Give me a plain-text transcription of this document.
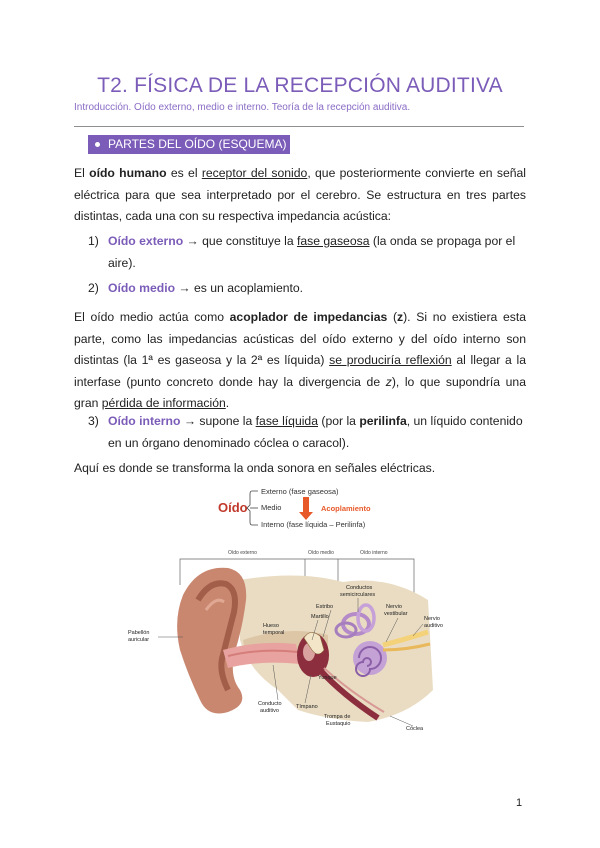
T2. FÍSICA DE LA RECEPCIÓN AUDITIVA
Introducción. Oído externo, medio e interno. Teoría de la recepción auditiva.
PARTES DEL OÍDO (ESQUEMA)
El oído humano es el receptor del sonido, que posteriormente convierte en señal eléctrica para que sea interpretado por el cerebro. Se estructura en tres partes distintas, cada una con su respectiva impedancia acústica:
1) Oído externo → que constituye la fase gaseosa (la onda se propaga por el
aire).
2) Oído medio → es un acoplamiento.
El oído medio actúa como acoplador de impedancias (z). Si no existiera esta parte, como las impedancias acústicas del oído externo y del oído interno son distintas (la 1ª es gaseosa y la 2ª es líquida) se produciría reflexión al llegar a la interfase (punto concreto donde hay la divergencia de z), lo que supondría una gran pérdida de información.
3) Oído interno → supone la fase líquida (por la perilinfa, un líquido contenido
en un órgano denominado cóclea o caracol).
Aquí es donde se transforma la onda sonora en señales eléctricas.
Oído
Externo (fase gaseosa)
Medio
Interno (fase líquida – Perilinfa)
Acoplamiento
Oído externo	Oído medio	Oído interno
Pabellón
auricular
Hueso
temporal
Estribo
Martillo
Yunque
Conductos
semicirculares
Nervio
vestibular
Nervio
auditivo
Conducto
auditivo
Tímpano
Trompa de
Eustaquio
Cóclea
1
